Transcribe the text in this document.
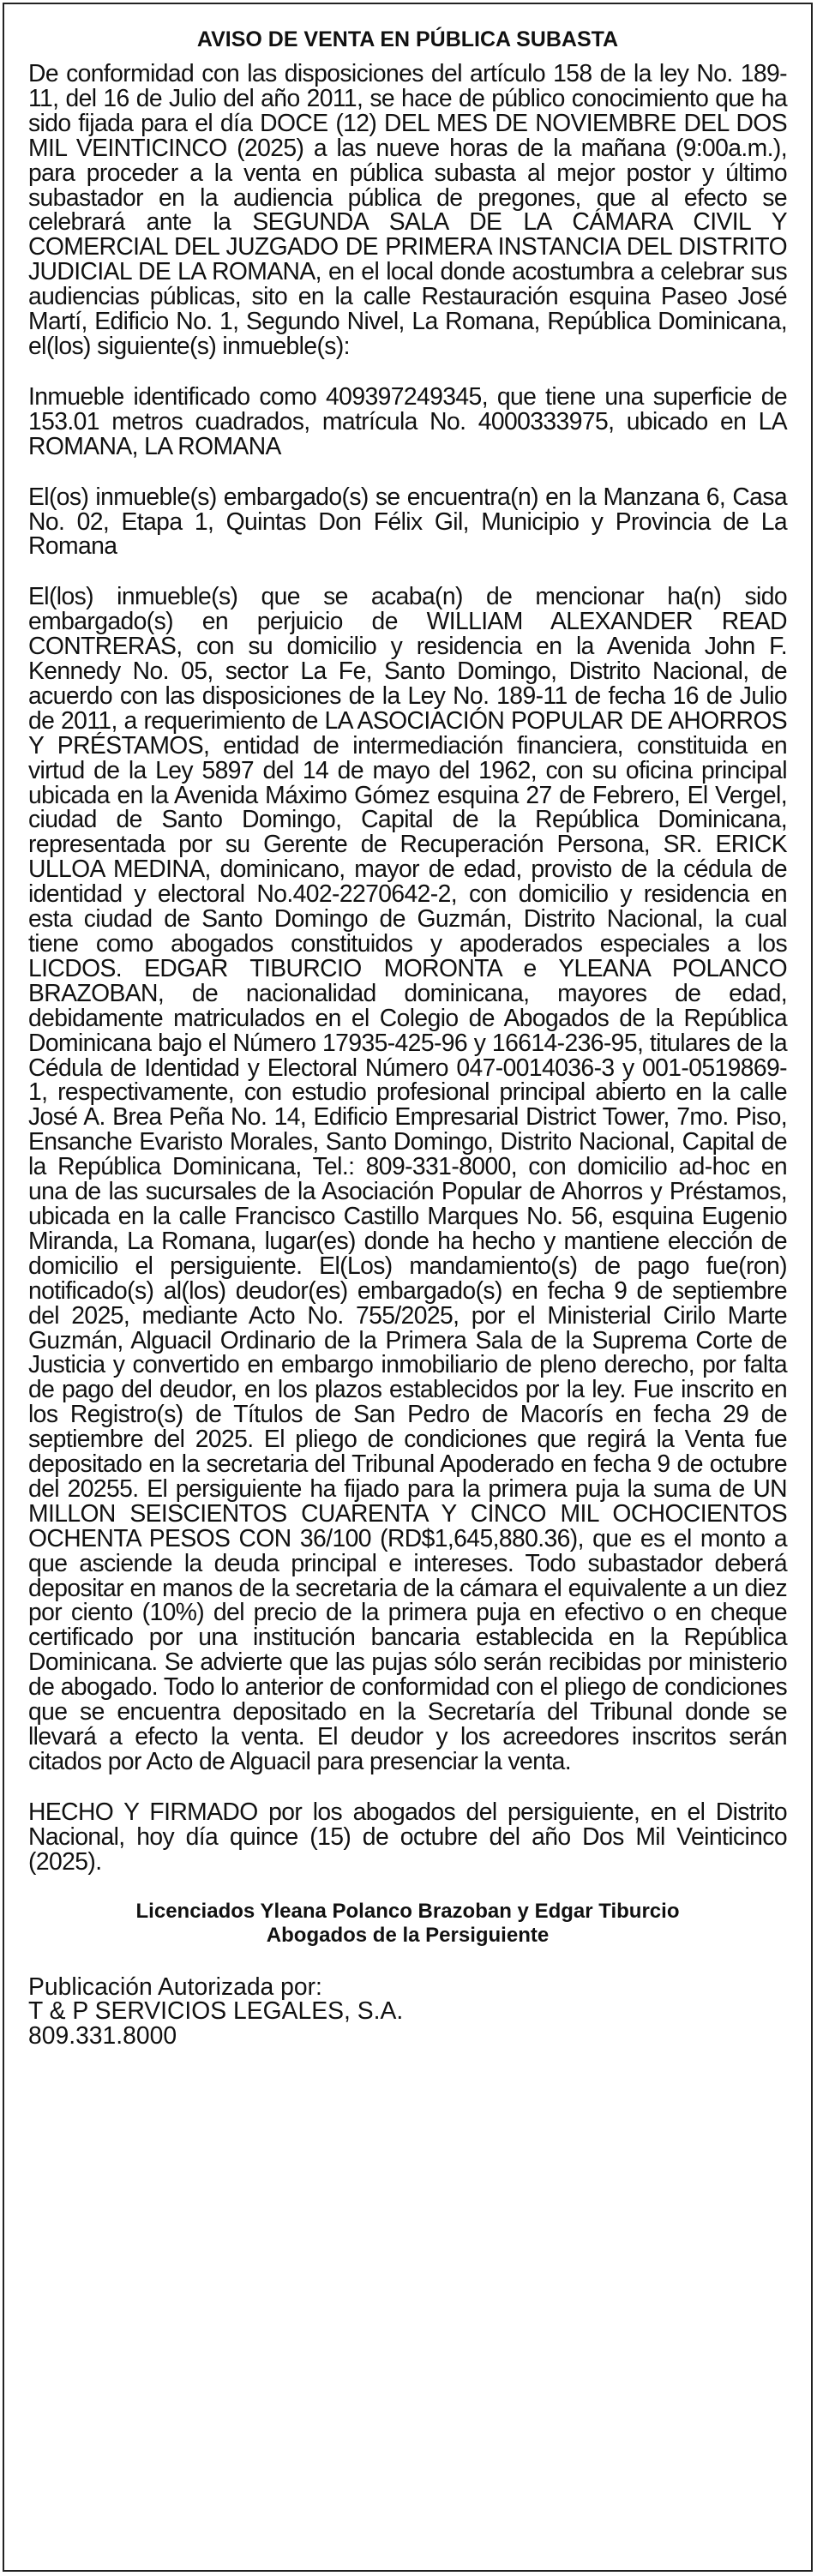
AVISO DE VENTA EN PÚBLICA SUBASTA

De conformidad con las disposiciones del artículo 158 de la ley No. 189-11, del 16 de Julio del año 2011, se hace de público conocimiento que ha sido fijada para el día DOCE (12) DEL MES DE NOVIEMBRE DEL DOS MIL VEINTICINCO (2025) a las nueve horas de la mañana (9:00a.m.), para proceder a la venta en pública subasta al mejor postor y último subastador en la audiencia pública de pregones, que al efecto se celebrará ante la SEGUNDA SALA DE LA CÁMARA CIVIL Y COMERCIAL DEL JUZGADO DE PRIMERA INSTANCIA DEL DISTRITO JUDICIAL DE LA ROMANA, en el local donde acostumbra a celebrar sus audiencias públicas, sito en la calle Restauración esquina Paseo José Martí, Edificio No. 1, Segundo Nivel, La Romana, República Dominicana, el(los) siguiente(s) inmueble(s):

Inmueble identificado como 409397249345, que tiene una superficie de 153.01 metros cuadrados, matrícula No. 4000333975, ubicado en LA ROMANA, LA ROMANA

El(os) inmueble(s) embargado(s) se encuentra(n) en la Manzana 6, Casa No. 02, Etapa 1, Quintas Don Félix Gil, Municipio y Provincia de La Romana

El(los) inmueble(s) que se acaba(n) de mencionar ha(n) sido embargado(s) en perjuicio de WILLIAM ALEXANDER READ CONTRERAS, con su domicilio y residencia en la Avenida John F. Kennedy No. 05, sector La Fe, Santo Domingo, Distrito Nacional, de acuerdo con las disposiciones de la Ley No. 189-11 de fecha 16 de Julio de 2011, a requerimiento de LA ASOCIACIÓN POPULAR DE AHORROS Y PRÉSTAMOS, entidad de intermediación financiera, constituida en virtud de la Ley 5897 del 14 de mayo del 1962, con su oficina principal ubicada en la Avenida Máximo Gómez esquina 27 de Febrero, El Vergel, ciudad de Santo Domingo, Capital de la República Dominicana, representada por su Gerente de Recuperación Persona, SR. ERICK ULLOA MEDINA, dominicano, mayor de edad, provisto de la cédula de identidad y electoral No.402-2270642-2, con domicilio y residencia en esta ciudad de Santo Domingo de Guzmán, Distrito Nacional, la cual tiene como abogados constituidos y apoderados especiales a los LICDOS. EDGAR TIBURCIO MORONTA e YLEANA POLANCO BRAZOBAN, de nacionalidad dominicana, mayores de edad, debidamente matriculados en el Colegio de Abogados de la República Dominicana bajo el Número 17935-425-96 y 16614-236-95, titulares de la Cédula de Identidad y Electoral Número 047-0014036-3 y 001-0519869-1, respectivamente, con estudio profesional principal abierto en la calle José A. Brea Peña No. 14, Edificio Empresarial District Tower, 7mo. Piso, Ensanche Evaristo Morales, Santo Domingo, Distrito Nacional, Capital de la República Dominicana, Tel.: 809-331-8000, con domicilio ad-hoc en una de las sucursales de la Asociación Popular de Ahorros y Préstamos, ubicada en la calle Francisco Castillo Marques No. 56, esquina Eugenio Miranda, La Romana, lugar(es) donde ha hecho y mantiene elección de domicilio el persiguiente. El(Los) mandamiento(s) de pago fue(ron) notificado(s) al(los) deudor(es) embargado(s) en fecha 9 de septiembre del 2025, mediante Acto No. 755/2025, por el Ministerial Cirilo Marte Guzmán, Alguacil Ordinario de la Primera Sala de la Suprema Corte de Justicia y convertido en embargo inmobiliario de pleno derecho, por falta de pago del deudor, en los plazos establecidos por la ley. Fue inscrito en los Registro(s) de Títulos de San Pedro de Macorís en fecha 29 de septiembre del 2025. El pliego de condiciones que regirá la Venta fue depositado en la secretaria del Tribunal Apoderado en fecha 9 de octubre del 20255. El persiguiente ha fijado para la primera puja la suma de UN MILLON SEISCIENTOS CUARENTA Y CINCO MIL OCHOCIENTOS OCHENTA PESOS CON 36/100 (RD$1,645,880.36), que es el monto a que asciende la deuda principal e intereses. Todo subastador deberá depositar en manos de la secretaria de la cámara el equivalente a un diez por ciento (10%) del precio de la primera puja en efectivo o en cheque certificado por una institución bancaria establecida en la República Dominicana. Se advierte que las pujas sólo serán recibidas por ministerio de abogado. Todo lo anterior de conformidad con el pliego de condiciones que se encuentra depositado en la Secretaría del Tribunal donde se llevará a efecto la venta. El deudor y los acreedores inscritos serán citados por Acto de Alguacil para presenciar la venta.

HECHO Y FIRMADO por los abogados del persiguiente, en el Distrito Nacional, hoy día quince (15) de octubre del año Dos Mil Veinticinco (2025).

Licenciados Yleana Polanco Brazoban y Edgar Tiburcio
Abogados de la Persiguiente
Publicación Autorizada por:
T & P SERVICIOS LEGALES, S.A.
809.331.8000
